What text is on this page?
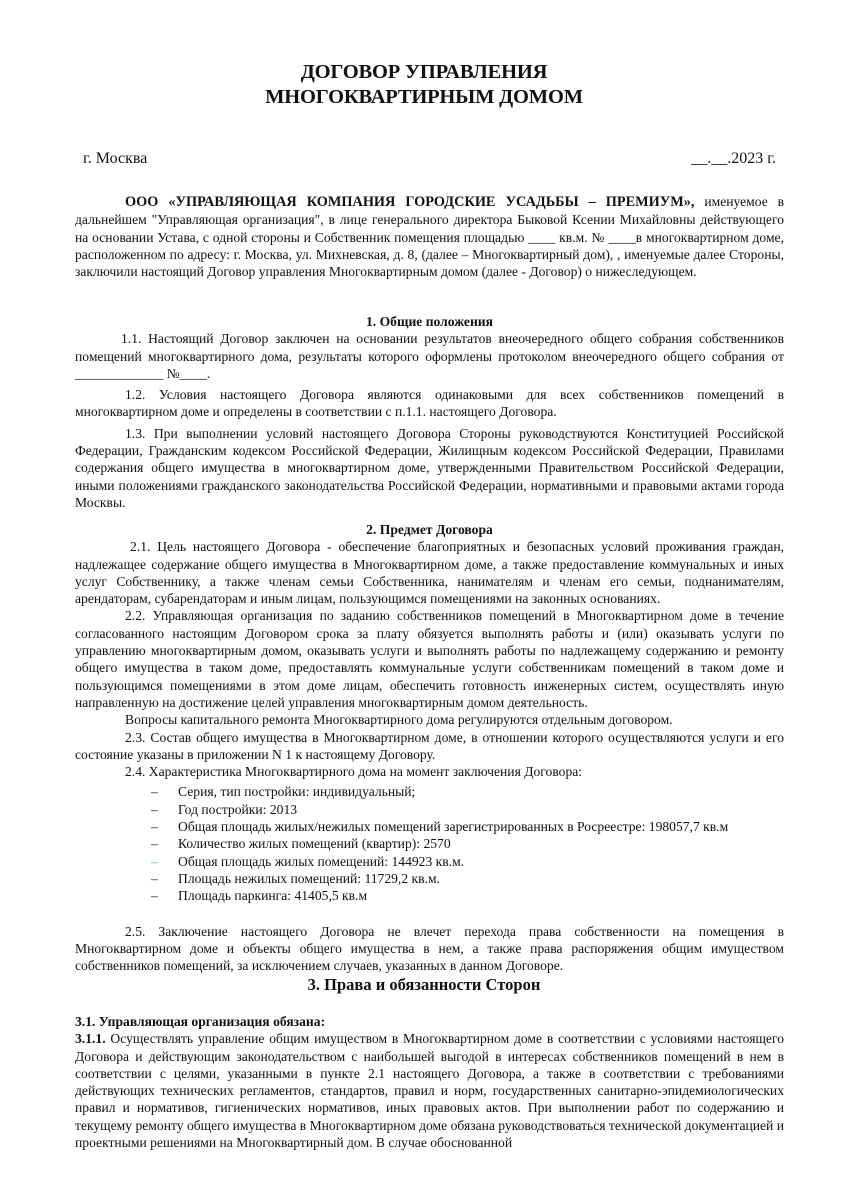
ДОГОВОР УПРАВЛЕНИЯ
МНОГОКВАРТИРНЫМ ДОМОМ
г. Москва	__.__.2023 г.

ООО «УПРАВЛЯЮЩАЯ КОМПАНИЯ ГОРОДСКИЕ УСАДЬБЫ – ПРЕМИУМ», именуемое в дальнейшем "Управляющая организация", в лице генерального директора Быковой Ксении Михайловны действующего на основании Устава, с одной стороны и Собственник помещения площадью ____ кв.м. № ____в многоквартирном доме, расположенном по адресу: г. Москва, ул. Михневская, д. 8, (далее – Многоквартирный дом), , именуемые далее Стороны, заключили настоящий Договор управления Многоквартирным домом (далее - Договор) о нижеследующем.

1. Общие положения

1.1. Настоящий Договор заключен на основании результатов внеочередного общего собрания собственников помещений многоквартирного дома, результаты которого оформлены протоколом внеочередного общего собрания от _____________ №____.

1.2. Условия настоящего Договора являются одинаковыми для всех собственников помещений в многоквартирном доме и определены в соответствии с п.1.1. настоящего Договора.

1.3. При выполнении условий настоящего Договора Стороны руководствуются Конституцией Российской Федерации, Гражданским кодексом Российской Федерации, Жилищным кодексом Российской Федерации, Правилами содержания общего имущества в многоквартирном доме, утвержденными Правительством Российской Федерации, иными положениями гражданского законодательства Российской Федерации, нормативными и правовыми актами города Москвы.

2. Предмет Договора

2.1. Цель настоящего Договора - обеспечение благоприятных и безопасных условий проживания граждан, надлежащее содержание общего имущества в Многоквартирном доме, а также предоставление коммунальных и иных услуг Собственнику, а также членам семьи Собственника, нанимателям и членам его семьи, поднанимателям, арендаторам, субарендаторам и иным лицам, пользующимся помещениями на законных основаниях.

2.2. Управляющая организация по заданию собственников помещений в Многоквартирном доме в течение согласованного настоящим Договором срока за плату обязуется выполнять работы и (или) оказывать услуги по управлению многоквартирным домом, оказывать услуги и выполнять работы по надлежащему содержанию и ремонту общего имущества в таком доме, предоставлять коммунальные услуги собственникам помещений в таком доме и пользующимся помещениями в этом доме лицам, обеспечить готовность инженерных систем, осуществлять иную направленную на достижение целей управления многоквартирным домом деятельность.

Вопросы капитального ремонта Многоквартирного дома регулируются отдельным договором.

2.3. Состав общего имущества в Многоквартирном доме, в отношении которого осуществляются услуги и его состояние указаны в приложении N 1 к настоящему Договору.

2.4. Характеристика Многоквартирного дома на момент заключения Договора:

– Серия, тип постройки: индивидуальный;
– Год постройки: 2013
– Общая площадь жилых/нежилых помещений зарегистрированных в Росреестре: 198057,7 кв.м
– Количество жилых помещений (квартир): 2570
– Общая площадь жилых помещений: 144923 кв.м.
– Площадь нежилых помещений: 11729,2 кв.м.
– Площадь паркинга: 41405,5 кв.м

2.5. Заключение настоящего Договора не влечет перехода права собственности на помещения в Многоквартирном доме и объекты общего имущества в нем, а также права распоряжения общим имуществом собственников помещений, за исключением случаев, указанных в данном Договоре.

3. Права и обязанности Сторон

3.1. Управляющая организация обязана:

3.1.1. Осуществлять управление общим имуществом в Многоквартирном доме в соответствии с условиями настоящего Договора и действующим законодательством с наибольшей выгодой в интересах собственников помещений в нем в соответствии с целями, указанными в пункте 2.1 настоящего Договора, а также в соответствии с требованиями действующих технических регламентов, стандартов, правил и норм, государственных санитарно-эпидемиологических правил и нормативов, гигиенических нормативов, иных правовых актов. При выполнении работ по содержанию и текущему ремонту общего имущества в Многоквартирном доме обязана руководствоваться технической документацией и проектными решениями на Многоквартирный дом. В случае обоснованной
